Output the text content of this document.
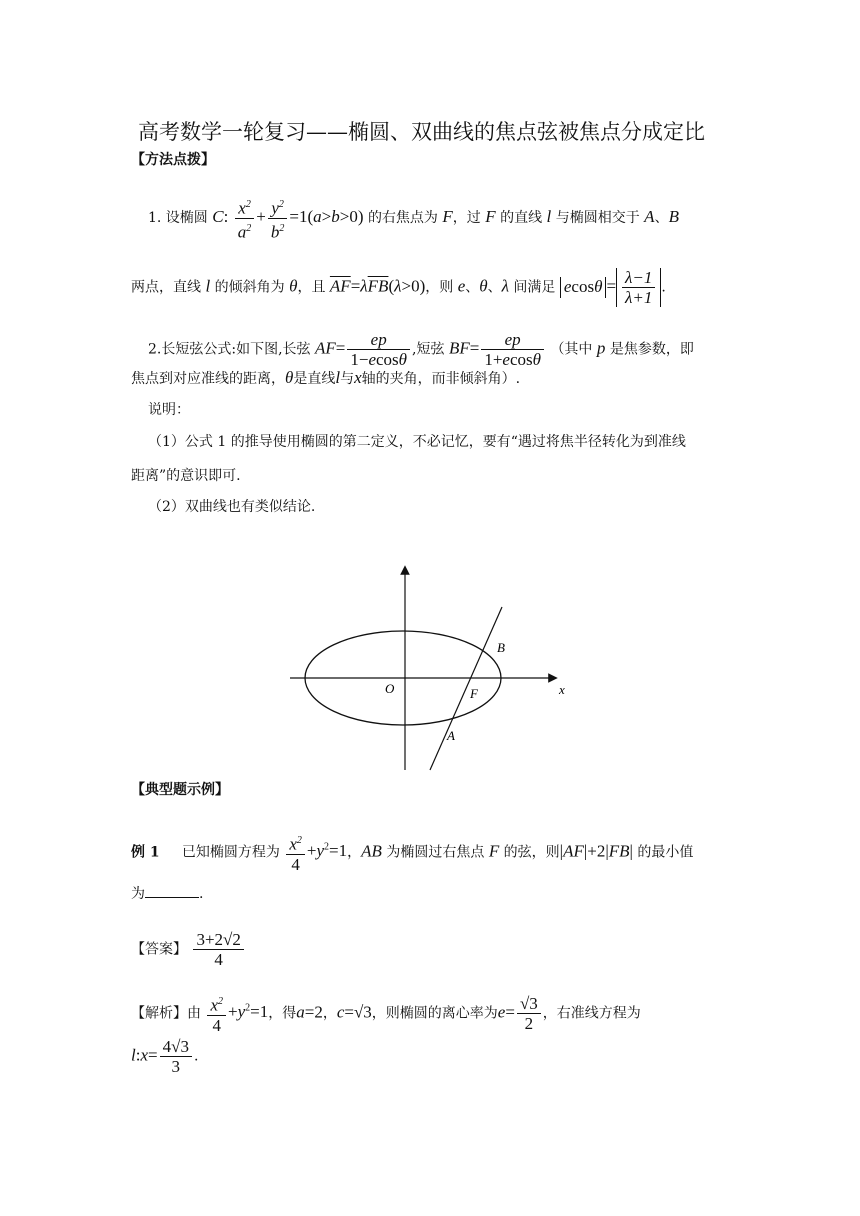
高考数学一轮复习——椭圆、双曲线的焦点弦被焦点分成定比
【方法点拨】
1. 设椭圆 C: $\frac{x^2}{a^2} + \frac{y^2}{b^2} =1(a>b>0)$ 的右焦点为 F，过 F 的直线 l 与椭圆相交于 A、B
两点，直线 l 的倾斜角为 θ，且 $\overline{AF}=\lambda\overline{FB}(\lambda>0)$，则 e、θ、λ 间满足 $ecos\theta = \frac{\lambda-1}{\lambda+1}$ .
2.长短弦公式:如下图,长弦 $AF= \frac{ep}{1-ecos\theta}$ ,短弦 $BF= \frac{ep}{1+ecos\theta}$ （其中 p 是焦参数，即
焦点到对应准线的距离，θ是直线l与x轴的夹角，而非倾斜角）.
说明：
（1）公式 1 的推导使用椭圆的第二定义，不必记忆，要有“遇过将焦半径转化为到准线
距离”的意识即可.
（2）双曲线也有类似结论.
B
O	F
A
x
【典型题示例】
例 1 已知椭圆方程为 $\frac{x^2}{4} +y^2=1$，AB 为椭圆过右焦点 F 的弦，则|AF|+2|FB| 的最小值
为	.
【答案】 $\frac{3+2√2}{4}$
【解析】由 $\frac{x^2}{4} +y^2=1$，得a=2，c=√3，则椭圆的离心率为$e= \frac{√3}{2}$ ，右准线方程为
l:x= $\frac{4√3}{3}$ .
